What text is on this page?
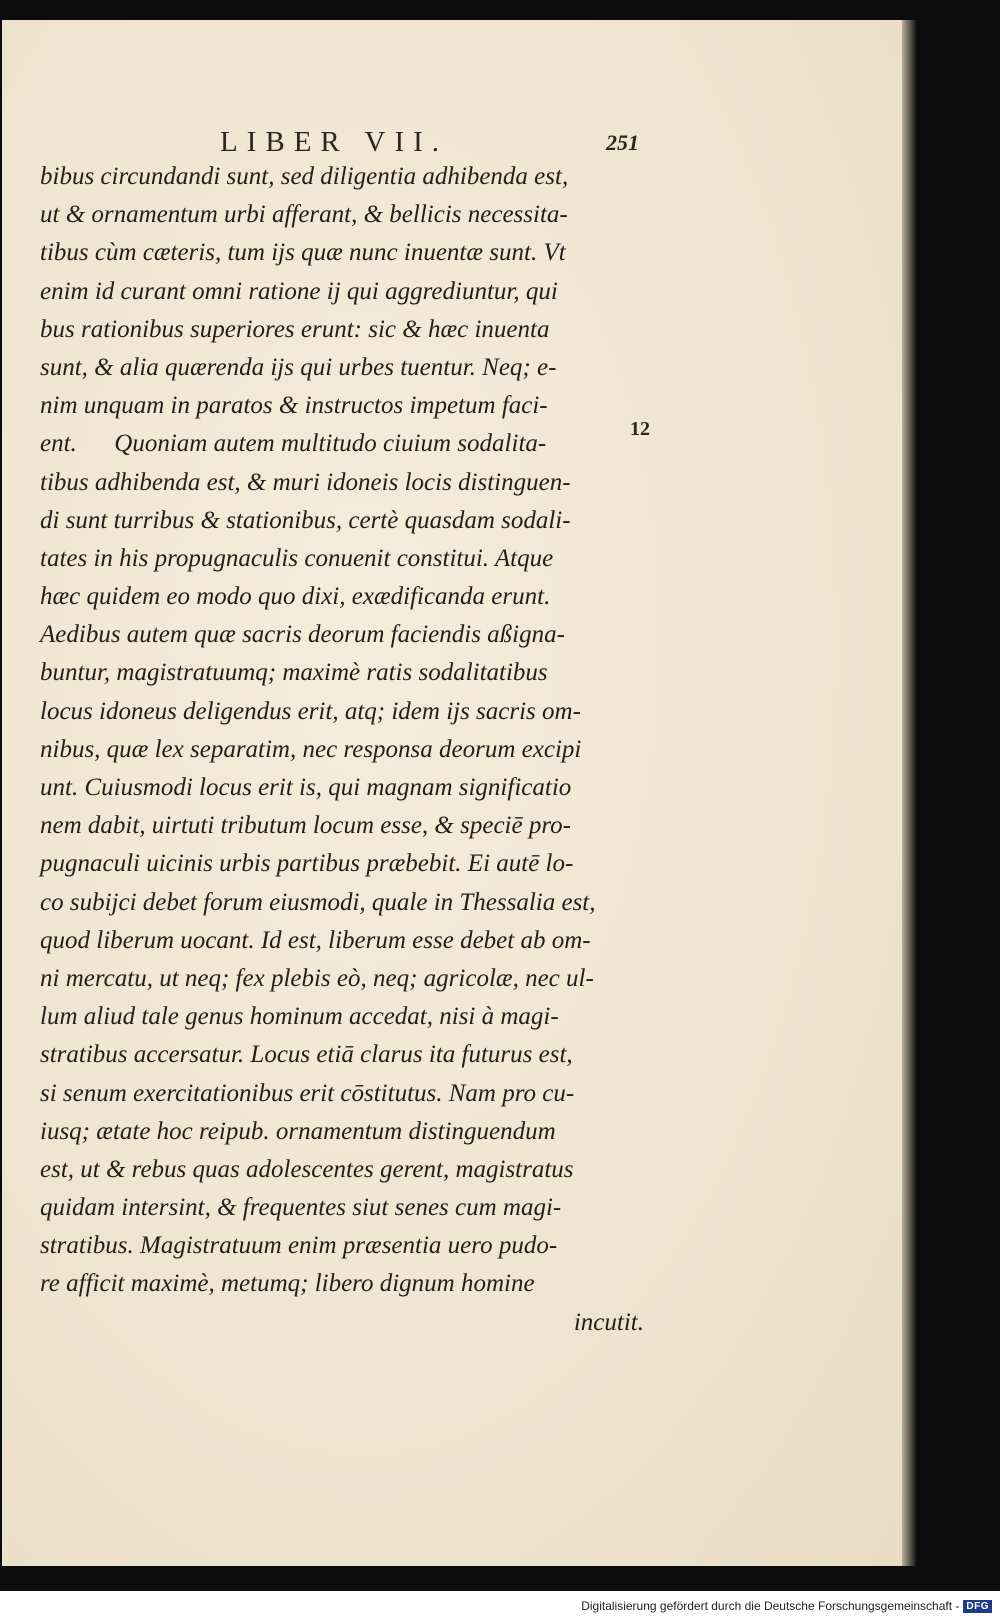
LIBER VII.	251
12
bibus circundandi sunt, sed diligentia adhibenda est,
ut & ornamentum urbi afferant, & bellicis necessita-
tibus cùm cæteris, tum ijs quæ nunc inuentæ sunt. Vt
enim id curant omni ratione ij qui aggrediuntur, qui
bus rationibus superiores erunt: sic & hæc inuenta
sunt, & alia quærenda ijs qui urbes tuentur. Neq; e-
nim unquam in paratos & instructos impetum faci-
ent.      Quoniam autem multitudo ciuium sodalita-
tibus adhibenda est, & muri idoneis locis distinguen-
di sunt turribus & stationibus, certè quasdam sodali-
tates in his propugnaculis conuenit constitui. Atque
hæc quidem eo modo quo dixi, exædificanda erunt.
Aedibus autem quæ sacris deorum faciendis aßigna-
buntur, magistratuumq; maximè ratis sodalitatibus
locus idoneus deligendus erit, atq; idem ijs sacris om-
nibus, quæ lex separatim, nec responsa deorum excipi
unt. Cuiusmodi locus erit is, qui magnam significatio
nem dabit, uirtuti tributum locum esse, & speciē pro-
pugnaculi uicinis urbis partibus præbebit. Ei autē lo-
co subijci debet forum eiusmodi, quale in Thessalia est,
quod liberum uocant. Id est, liberum esse debet ab om-
ni mercatu, ut neq; fex plebis eò, neq; agricolæ, nec ul-
lum aliud tale genus hominum accedat, nisi à magi-
stratibus accersatur. Locus etiā clarus ita futurus est,
si senum exercitationibus erit cōstitutus. Nam pro cu-
iusq; ætate hoc reipub. ornamentum distinguendum
est, ut & rebus quas adolescentes gerent, magistratus
quidam intersint, & frequentes siut senes cum magi-
stratibus. Magistratuum enim præsentia uero pudo-
re afficit maximè, metumq; libero dignum homine
incutit.
Digitalisierung gefördert durch die Deutsche Forschungsgemeinschaft - DFG
